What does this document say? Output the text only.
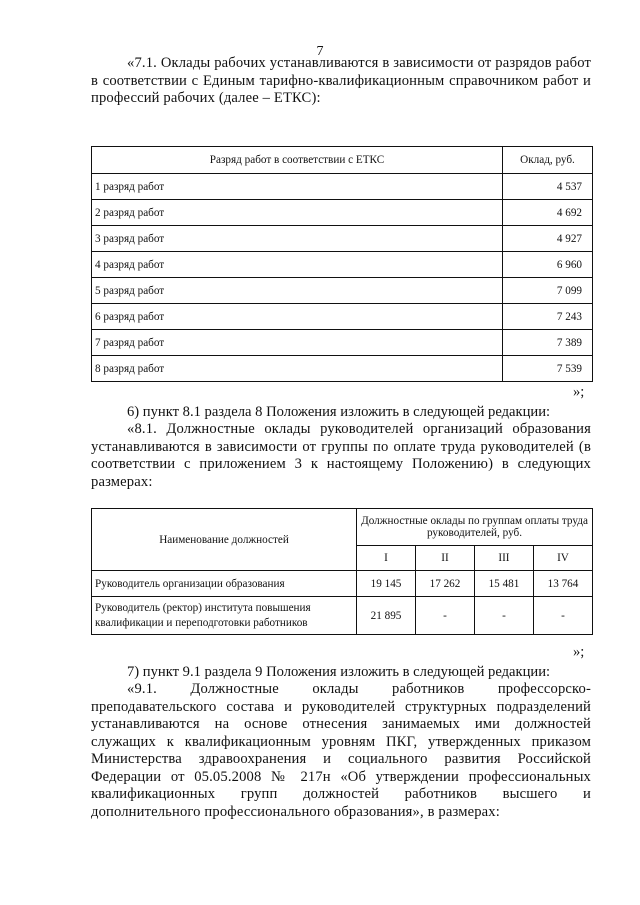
7

«7.1. Оклады рабочих устанавливаются в зависимости от разрядов работ в соответствии с Единым тарифно-квалификационным справочником работ и профессий рабочих (далее – ЕТКС):

Разряд работ в соответствии с ЕТКС	Оклад, руб.
1 разряд работ	4 537
2 разряд работ	4 692
3 разряд работ	4 927
4 разряд работ	6 960
5 разряд работ	7 099
6 разряд работ	7 243
7 разряд работ	7 389
8 разряд работ	7 539
»;

6) пункт 8.1 раздела 8 Положения изложить в следующей редакции:

«8.1. Должностные оклады руководителей организаций образования устанавливаются в зависимости от группы по оплате труда руководителей (в соответствии с приложением 3 к настоящему Положению) в следующих размерах:

Наименование должностей	Должностные оклады по группам оплаты труда руководителей, руб.			
	I	II	III	IV
Руководитель организации образования	19 145	17 262	15 481	13 764

Руководитель (ректор) институтa повышения
квалификации и переподготовки работников	21 895	-	-	-
»;

7) пункт 9.1 раздела 9 Положения изложить в следующей редакции:

«9.1. Должностные оклады работников профессорско-преподавательского состава и руководителей структурных подразделений устанавливаются на основе отнесения занимаемых ими должностей служащих к квалификационным уровням ПКГ, утвержденных приказом Министерства здравоохранения и социального развития Российской Федерации от 05.05.2008 № 217н «Об утверждении профессиональных квалификационных групп должностей работников высшего и дополнительного профессионального образования», в размерах:
